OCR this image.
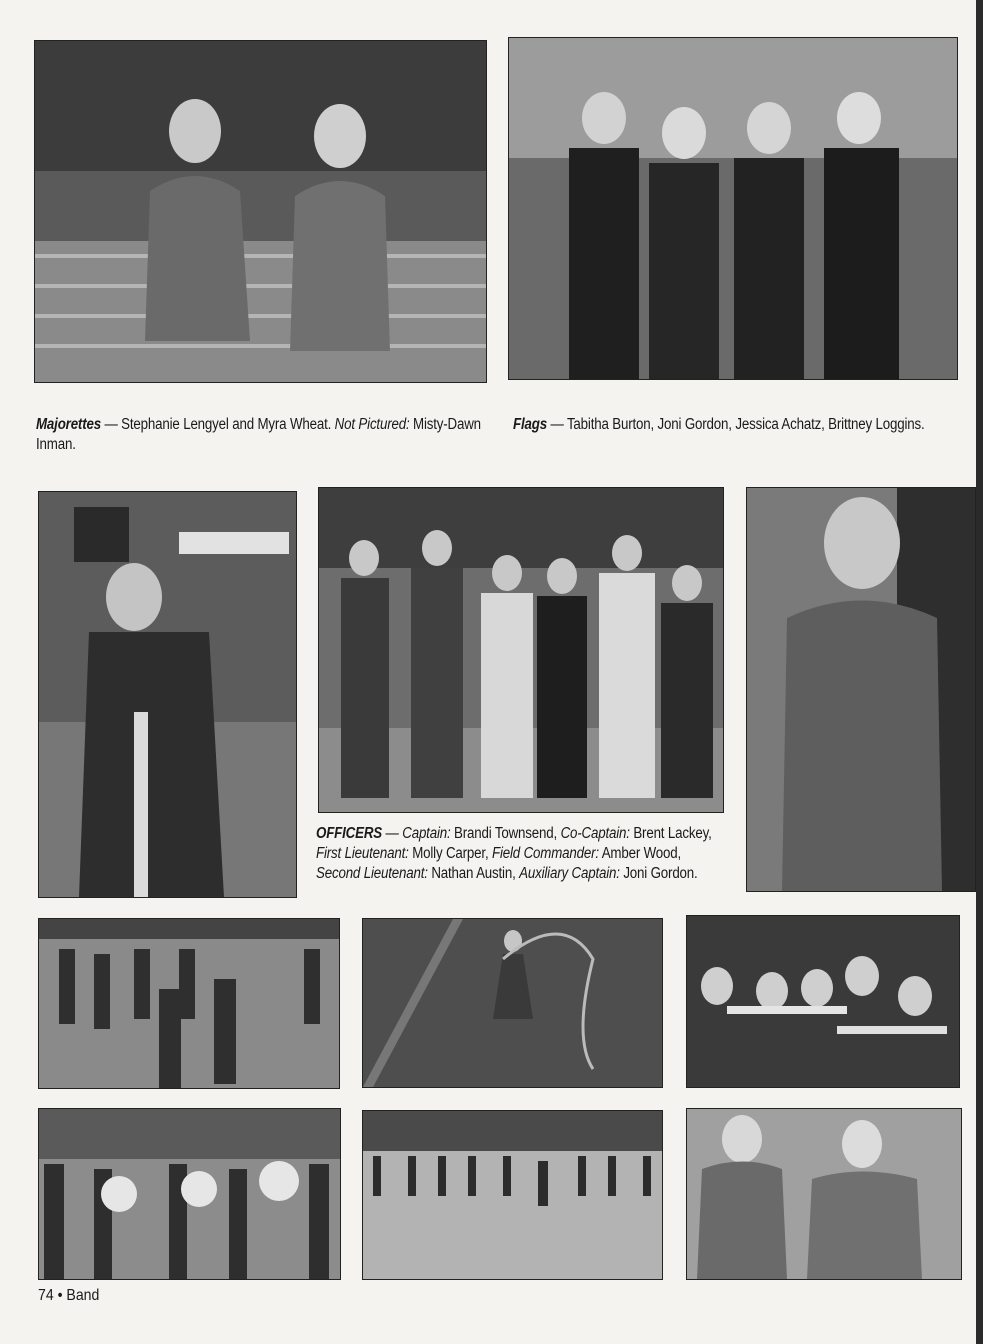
Majorettes — Stephanie Lengyel and Myra Wheat. Not Pictured: Misty-Dawn Inman.
Flags — Tabitha Burton, Joni Gordon, Jessica Achatz, Brittney Loggins.
OFFICERS — Captain: Brandi Townsend, Co-Captain: Brent Lackey, First Lieutenant: Molly Carper, Field Commander: Amber Wood, Second Lieutenant: Nathan Austin, Auxiliary Captain: Joni Gordon.
74 • Band
